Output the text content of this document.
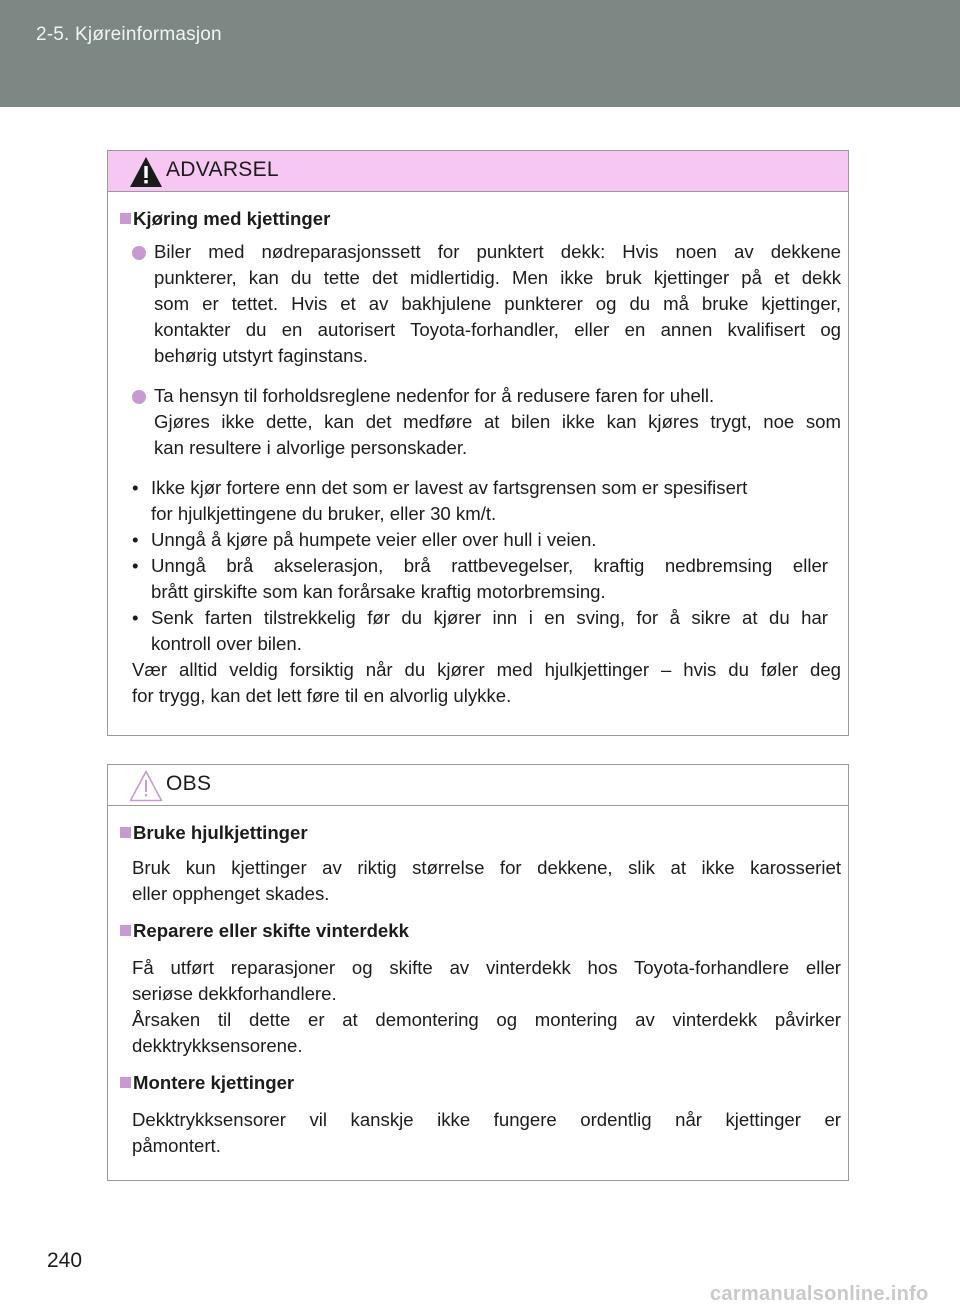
2-5. Kjøreinformasjon
ADVARSEL
Kjøring med kjettinger
Biler med nødreparasjonssett for punktert dekk: Hvis noen av dekkene
punkterer, kan du tette det midlertidig. Men ikke bruk kjettinger på et dekk
som er tettet. Hvis et av bakhjulene punkterer og du må bruke kjettinger,
kontakter du en autorisert Toyota-forhandler, eller en annen kvalifisert og
behørig utstyrt faginstans.
Ta hensyn til forholdsreglene nedenfor for å redusere faren for uhell.
Gjøres ikke dette, kan det medføre at bilen ikke kan kjøres trygt, noe som
kan resultere i alvorlige personskader.
• Ikke kjør fortere enn det som er lavest av fartsgrensen som er spesifisert
for hjulkjettingene du bruker, eller 30 km/t.
• Unngå å kjøre på humpete veier eller over hull i veien.
• Unngå brå akselerasjon, brå rattbevegelser, kraftig nedbremsing eller
brått girskifte som kan forårsake kraftig motorbremsing.
• Senk farten tilstrekkelig før du kjører inn i en sving, for å sikre at du har
kontroll over bilen.
Vær alltid veldig forsiktig når du kjører med hjulkjettinger – hvis du føler deg
for trygg, kan det lett føre til en alvorlig ulykke.
OBS
Bruke hjulkjettinger
Bruk kun kjettinger av riktig størrelse for dekkene, slik at ikke karosseriet
eller opphenget skades.
Reparere eller skifte vinterdekk
Få utført reparasjoner og skifte av vinterdekk hos Toyota-forhandlere eller
seriøse dekkforhandlere.
Årsaken til dette er at demontering og montering av vinterdekk påvirker
dekktrykksensorene.
Montere kjettinger
Dekktrykksensorer vil kanskje ikke fungere ordentlig når kjettinger er
påmontert.
240
carmanualsonline.info
